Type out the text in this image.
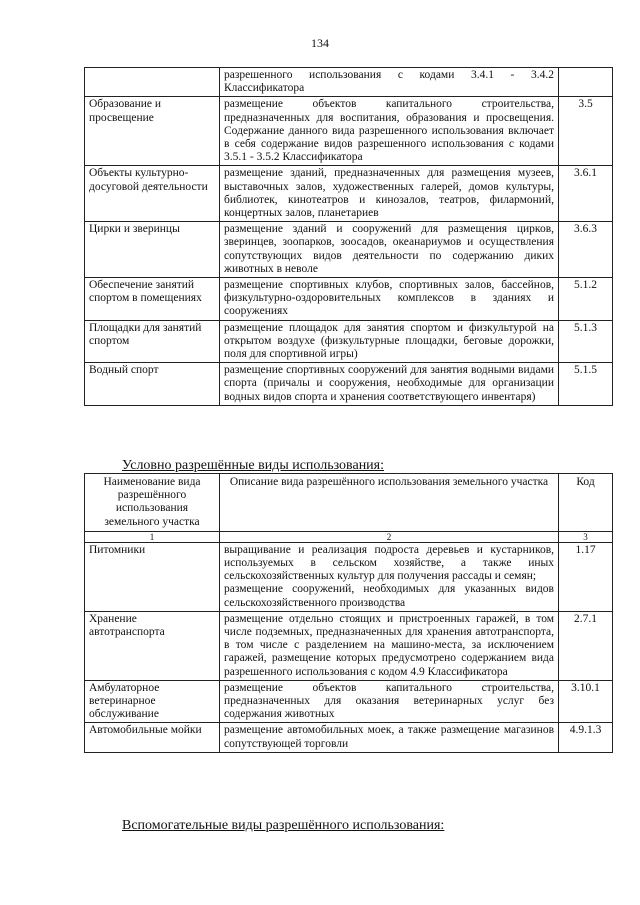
134
	разрешенного использования с кодами 3.4.1 - 3.4.2 Классификатора	
Образование и просвещение	размещение объектов капитального строительства, предназначенных для воспитания, образования и просвещения. Содержание данного вида разрешенного использования включает в себя содержание видов разрешенного использования с кодами 3.5.1 - 3.5.2 Классификатора	3.5
Объекты культурно-досуговой деятельности	размещение зданий, предназначенных для размещения музеев, выставочных залов, художественных галерей, домов культуры, библиотек, кинотеатров и кинозалов, театров, филармоний, концертных залов, планетариев	3.6.1
Цирки и зверинцы	размещение зданий и сооружений для размещения цирков, зверинцев, зоопарков, зоосадов, океанариумов и осуществления сопутствующих видов деятельности по содержанию диких животных в неволе	3.6.3
Обеспечение занятий спортом в помещениях	размещение спортивных клубов, спортивных залов, бассейнов, физкультурно-оздоровительных комплексов в зданиях и сооружениях	5.1.2
Площадки для занятий спортом	размещение площадок для занятия спортом и физкультурой на открытом воздухе (физкультурные площадки, беговые дорожки, поля для спортивной игры)	5.1.3
Водный спорт	размещение спортивных сооружений для занятия водными видами спорта (причалы и сооружения, необходимые для организации водных видов спорта и хранения соответствующего инвентаря)	5.1.5
Условно разрешённые виды использования:
Наименование вида разрешённого использования земельного участка	Описание вида разрешённого использования земельного участка	Код
1	2	3
Питомники	выращивание и реализация подроста деревьев и кустарников, используемых в сельском хозяйстве, а также иных сельскохозяйственных культур для получения рассады и семян;
размещение сооружений, необходимых для указанных видов сельскохозяйственного производства	1.17
Хранение автотранспорта	размещение отдельно стоящих и пристроенных гаражей, в том числе подземных, предназначенных для хранения автотранспорта, в том числе с разделением на машино-места, за исключением гаражей, размещение которых предусмотрено содержанием вида разрешенного использования с кодом 4.9 Классификатора	2.7.1
Амбулаторное ветеринарное обслуживание	размещение объектов капитального строительства, предназначенных для оказания ветеринарных услуг без содержания животных	3.10.1
Автомобильные мойки	размещение автомобильных моек, а также размещение магазинов сопутствующей торговли	4.9.1.3
Вспомогательные виды разрешённого использования:
